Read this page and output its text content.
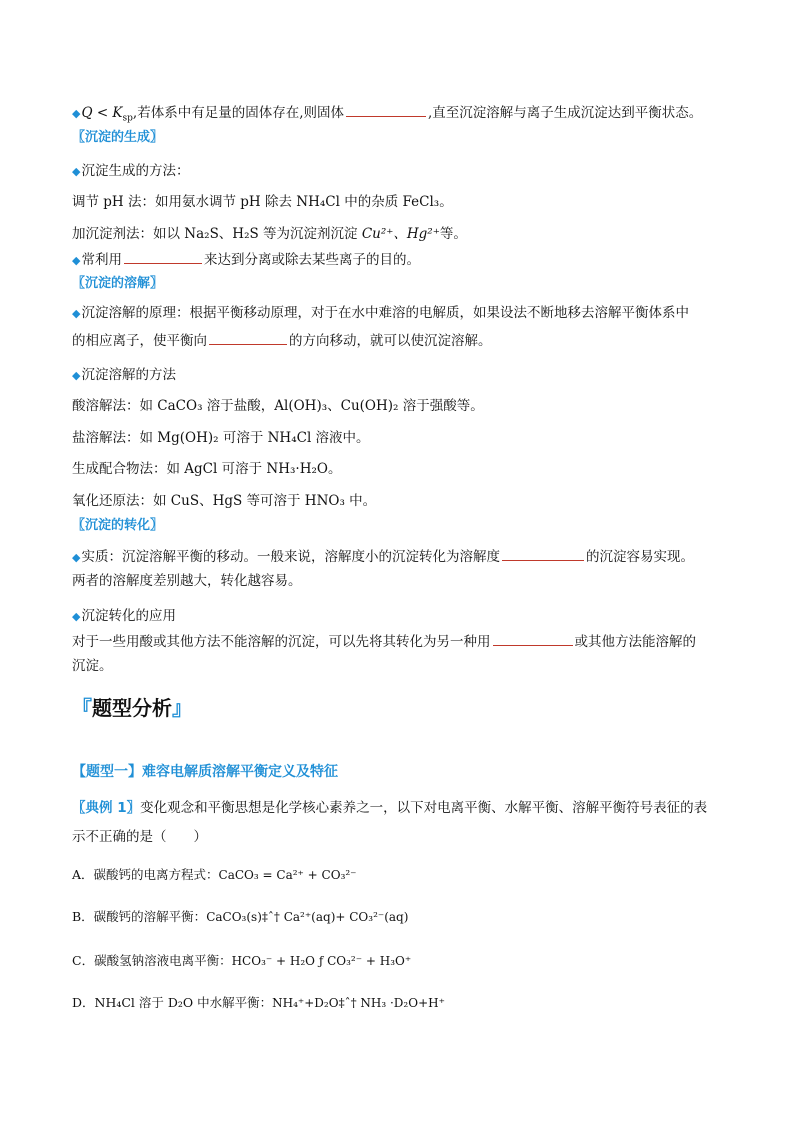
◆Q < $K_{sp}$,若体系中有足量的固体存在,则固体	,直至沉淀溶解与离子生成沉淀达到平衡状态。
〖沉淀的生成〗
◆沉淀生成的方法：
调节 pH 法：如用氨水调节 pH 除去 NH₄Cl 中的杂质 FeCl₃。
加沉淀剂法：如以 Na₂S、H₂S 等为沉淀剂沉淀 Cu²⁺、Hg²⁺等。
◆常利用	来达到分离或除去某些离子的目的。
〖沉淀的溶解〗
◆沉淀溶解的原理：根据平衡移动原理，对于在水中难溶的电解质，如果设法不断地移去溶解平衡体系中
的相应离子，使平衡向	的方向移动，就可以使沉淀溶解。
◆沉淀溶解的方法
酸溶解法：如 CaCO₃ 溶于盐酸，Al(OH)₃、Cu(OH)₂ 溶于强酸等。
盐溶解法：如 Mg(OH)₂ 可溶于 NH₄Cl 溶液中。
生成配合物法：如 AgCl 可溶于 NH₃·H₂O。
氧化还原法：如 CuS、HgS 等可溶于 HNO₃ 中。
〖沉淀的转化〗
◆实质：沉淀溶解平衡的移动。一般来说，溶解度小的沉淀转化为溶解度	的沉淀容易实现。
两者的溶解度差别越大，转化越容易。
◆沉淀转化的应用
对于一些用酸或其他方法不能溶解的沉淀，可以先将其转化为另一种用	或其他方法能溶解的
沉淀。
『题型分析』
【题型一】难容电解质溶解平衡定义及特征
〖典例 1〗变化观念和平衡思想是化学核心素养之一，以下对电离平衡、水解平衡、溶解平衡符号表征的表
示不正确的是（　　）
A．碳酸钙的电离方程式：CaCO₃ = Ca²⁺ + CO₃²⁻
B．碳酸钙的溶解平衡：CaCO₃(s)‡ˆ† Ca²⁺(aq)+ CO₃²⁻(aq)
C．碳酸氢钠溶液电离平衡：HCO₃⁻ + H₂O ƒ CO₃²⁻ + H₃O⁺
D．NH₄Cl 溶于 D₂O 中水解平衡：NH₄⁺+D₂O‡ˆ† NH₃ ·D₂O+H⁺
